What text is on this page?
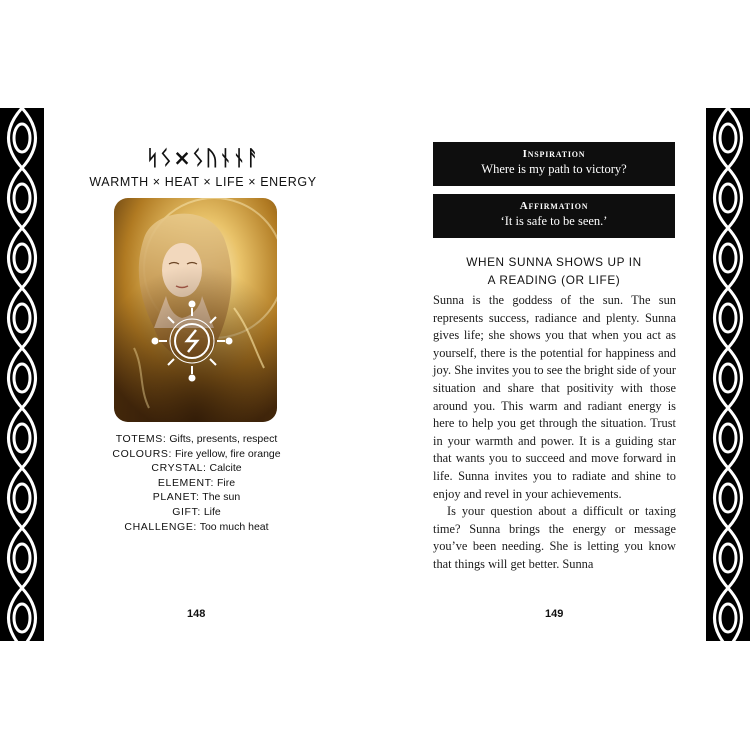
ᛋᛊ×ᛊᚢᚾᚾᚨ
WARMTH × HEAT × LIFE × ENERGY
TOTEMS: Gifts, presents, respect
COLOURS: Fire yellow, fire orange
CRYSTAL: Calcite
ELEMENT: Fire
PLANET: The sun
GIFT: Life
CHALLENGE: Too much heat
148
Inspiration
Where is my path to victory?
Affirmation
‘It is safe to be seen.’
WHEN SUNNA SHOWS UP IN
A READING (OR LIFE)

Sunna is the goddess of the sun. The sun represents success, radiance and plenty. Sunna gives life; she shows you that when you act as yourself, there is the potential for happiness and joy. She invites you to see the bright side of your situation and share that positivity with those around you. This warm and radiant energy is here to help you get through the situation. Trust in your warmth and power. It is a guiding star that wants you to succeed and move forward in life. Sunna invites you to radiate and shine to enjoy and revel in your achievements.

Is your question about a difficult or taxing time? Sunna brings the energy or message you’ve been needing. She is letting you know that things will get better. Sunna

149
